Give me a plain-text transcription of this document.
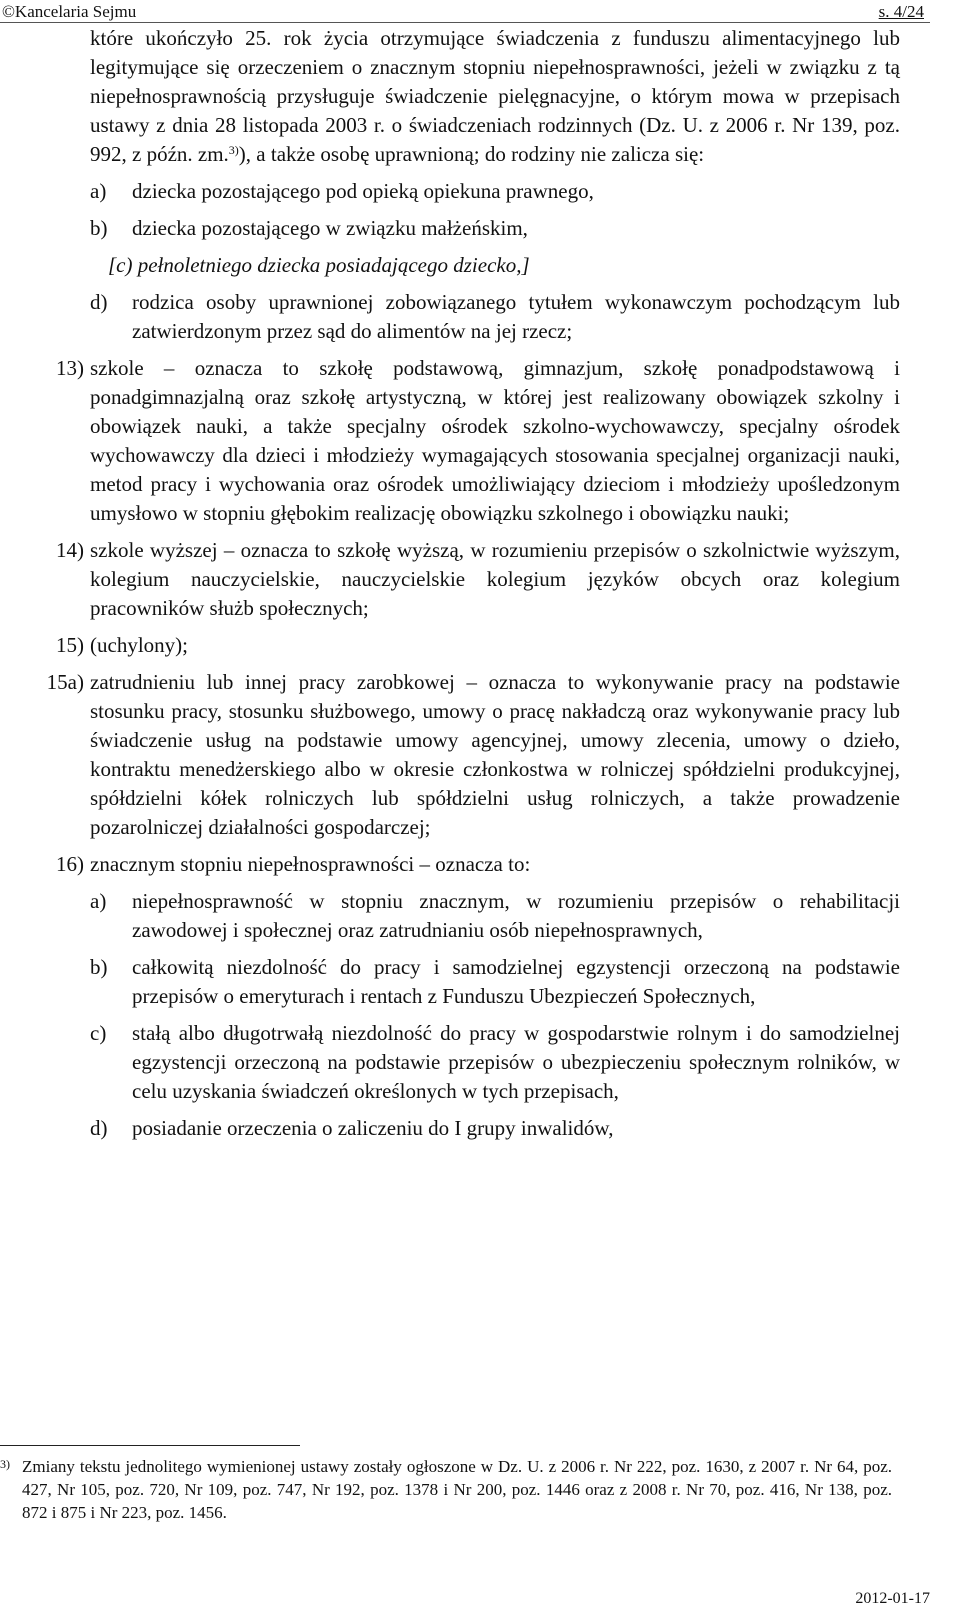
©Kancelaria Sejmu	s. 4/24
które ukończyło 25. rok życia otrzymujące świadczenia z funduszu alimentacyjnego lub legitymujące się orzeczeniem o znacznym stopniu niepełnosprawności, jeżeli w związku z tą niepełnosprawnością przysługuje świadczenie pielęgnacyjne, o którym mowa w przepisach ustawy z dnia 28 listopada 2003 r. o świadczeniach rodzinnych (Dz. U. z 2006 r. Nr 139, poz. 992, z późn. zm.$^{3)}$), a także osobę uprawnioną; do rodziny nie zalicza się:
a)	dziecka pozostającego pod opieką opiekuna prawnego,
b)	dziecka pozostającego w związku małżeńskim,
[c) pełnoletniego dziecka posiadającego dziecko,]
d)	rodzica osoby uprawnionej zobowiązanego tytułem wykonawczym pochodzącym lub zatwierdzonym przez sąd do alimentów na jej rzecz;
13) szkole – oznacza to szkołę podstawową, gimnazjum, szkołę ponadpodstawową i ponadgimnazjalną oraz szkołę artystyczną, w której jest realizowany obowiązek szkolny i obowiązek nauki, a także specjalny ośrodek szkolno-wychowawczy, specjalny ośrodek wychowawczy dla dzieci i młodzieży wymagających stosowania specjalnej organizacji nauki, metod pracy i wychowania oraz ośrodek umożliwiający dzieciom i młodzieży upośledzonym umysłowo w stopniu głębokim realizację obowiązku szkolnego i obowiązku nauki;
14) szkole wyższej – oznacza to szkołę wyższą, w rozumieniu przepisów o szkolnictwie wyższym, kolegium nauczycielskie, nauczycielskie kolegium języków obcych oraz kolegium pracowników służb społecznych;
15) (uchylony);
15a) zatrudnieniu lub innej pracy zarobkowej – oznacza to wykonywanie pracy na podstawie stosunku pracy, stosunku służbowego, umowy o pracę nakładczą oraz wykonywanie pracy lub świadczenie usług na podstawie umowy agencyjnej, umowy zlecenia, umowy o dzieło, kontraktu menedżerskiego albo w okresie członkostwa w rolniczej spółdzielni produkcyjnej, spółdzielni kółek rolniczych lub spółdzielni usług rolniczych, a także prowadzenie pozarolniczej działalności gospodarczej;
16) znacznym stopniu niepełnosprawności – oznacza to:
a)	niepełnosprawność w stopniu znacznym, w rozumieniu przepisów o rehabilitacji zawodowej i społecznej oraz zatrudnianiu osób niepełnosprawnych,
b)	całkowitą niezdolność do pracy i samodzielnej egzystencji orzeczoną na podstawie przepisów o emeryturach i rentach z Funduszu Ubezpieczeń Społecznych,
c)	stałą albo długotrwałą niezdolność do pracy w gospodarstwie rolnym i do samodzielnej egzystencji orzeczoną na podstawie przepisów o ubezpieczeniu społecznym rolników, w celu uzyskania świadczeń określonych w tych przepisach,
d)	posiadanie orzeczenia o zaliczeniu do I grupy inwalidów,
3) Zmiany tekstu jednolitego wymienionej ustawy zostały ogłoszone w Dz. U. z 2006 r. Nr 222, poz. 1630, z 2007 r. Nr 64, poz. 427, Nr 105, poz. 720, Nr 109, poz. 747, Nr 192, poz. 1378 i Nr 200, poz. 1446 oraz z 2008 r. Nr 70, poz. 416, Nr 138, poz. 872 i 875 i Nr 223, poz. 1456.
2012-01-17
